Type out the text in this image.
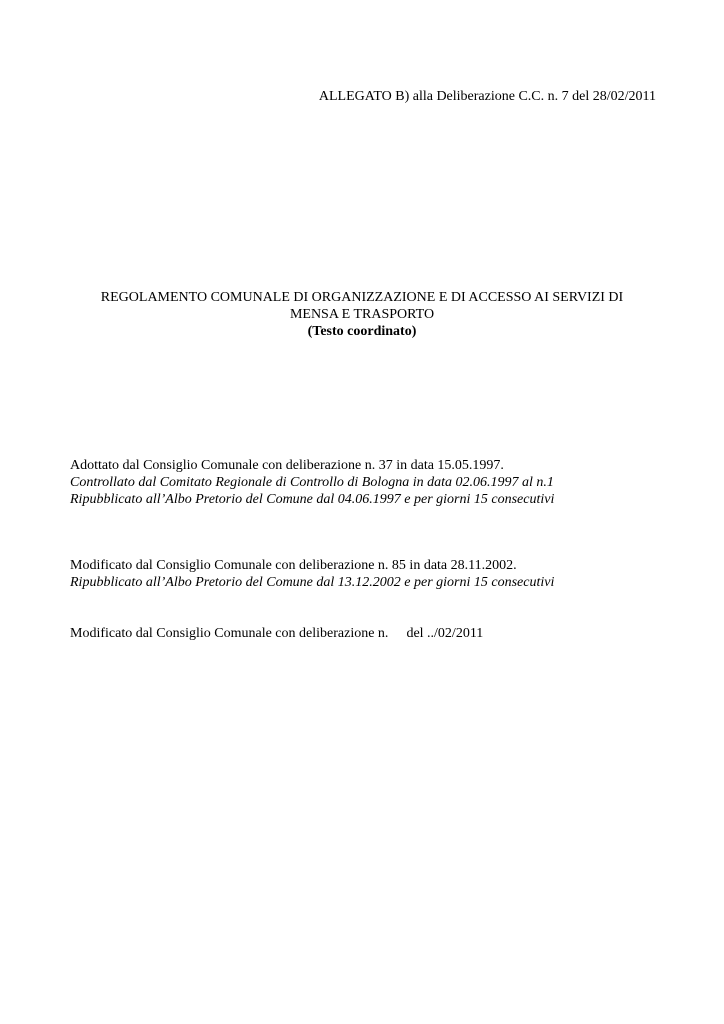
ALLEGATO B) alla Deliberazione C.C. n. 7 del 28/02/2011
REGOLAMENTO COMUNALE DI ORGANIZZAZIONE E DI ACCESSO AI SERVIZI DI
MENSA E TRASPORTO
(Testo coordinato)
Adottato dal Consiglio Comunale con deliberazione n. 37 in data 15.05.1997.
Controllato dal Comitato Regionale di Controllo di Bologna in data 02.06.1997 al n.1
Ripubblicato all’Albo Pretorio del Comune dal 04.06.1997 e per giorni 15 consecutivi
Modificato dal Consiglio Comunale con deliberazione n. 85 in data 28.11.2002.
Ripubblicato all’Albo Pretorio del Comune dal 13.12.2002 e per giorni 15 consecutivi
Modificato dal Consiglio Comunale con deliberazione n. del ../02/2011
